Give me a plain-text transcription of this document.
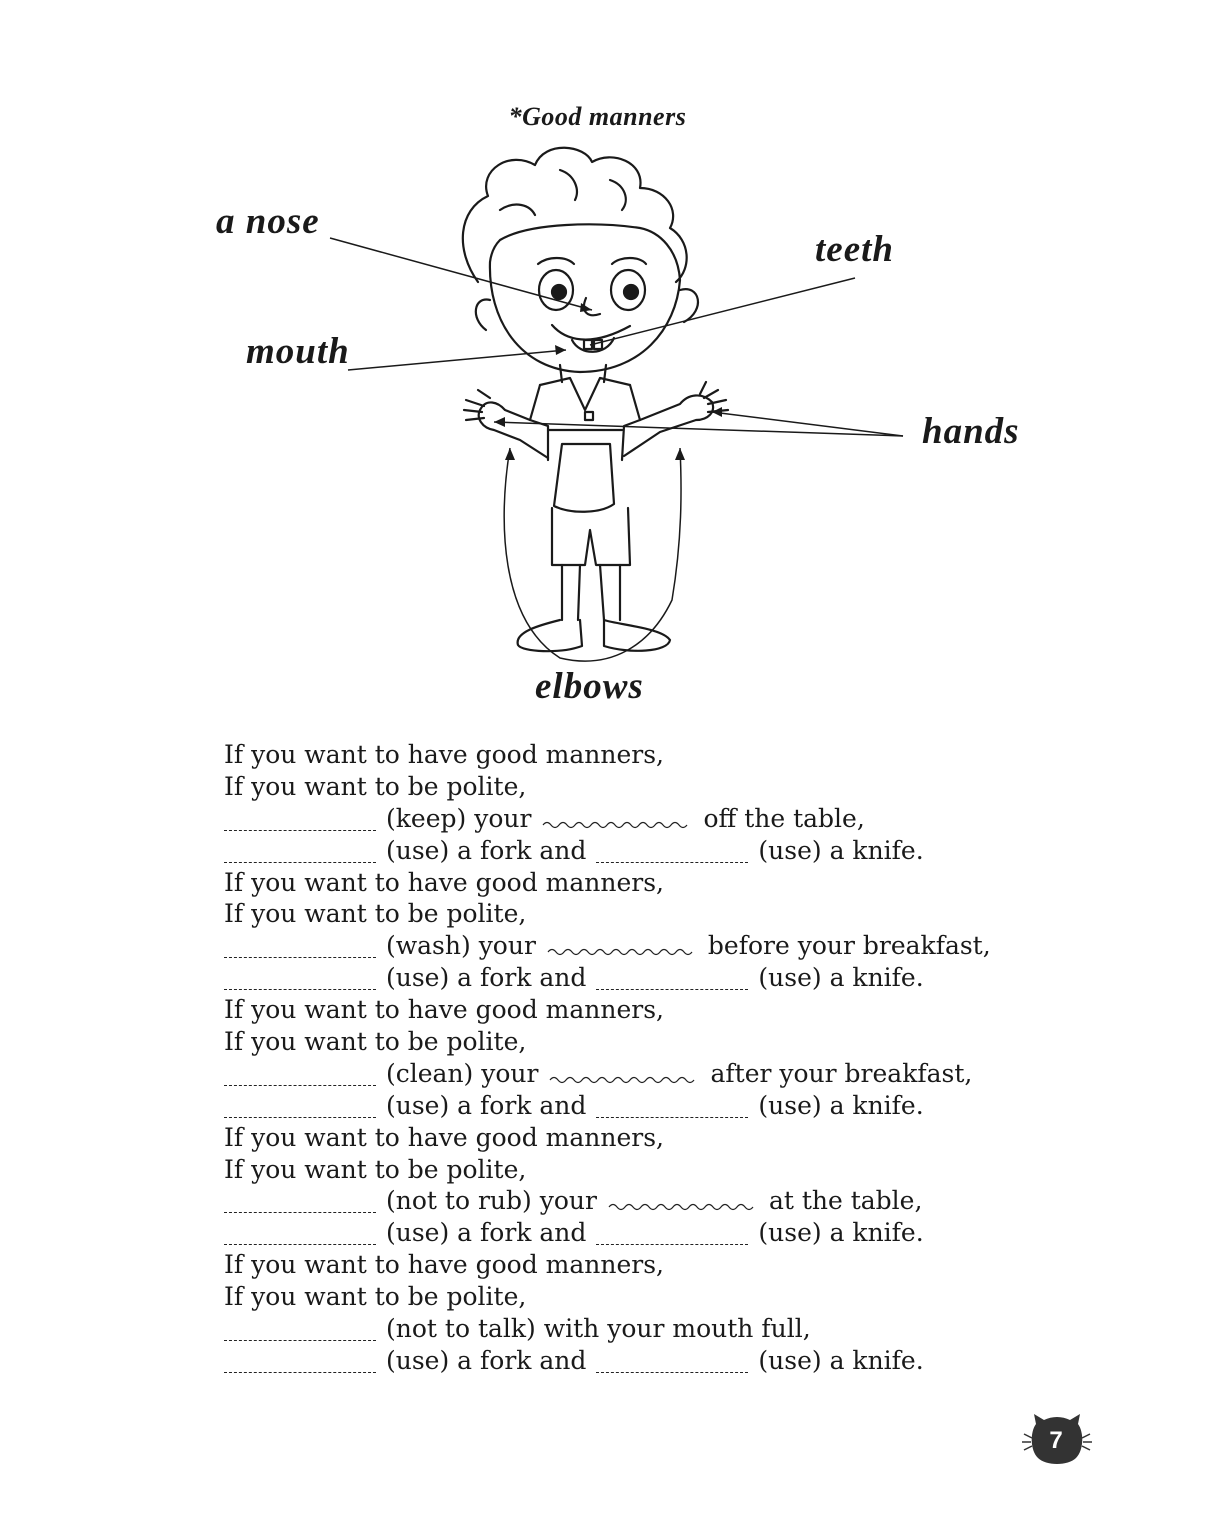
*Good manners
a nose
teeth
mouth
hands
elbows
If you want to have good manners,
If you want to be polite,
(keep) your	off the table,
(use) a fork and	(use) a knife.
If you want to have good manners,
If you want to be polite,
(wash) your	before your breakfast,
(use) a fork and	(use) a knife.
If you want to have good manners,
If you want to be polite,
(clean) your	after your breakfast,
(use) a fork and	(use) a knife.
If you want to have good manners,
If you want to be polite,
(not to rub) your	at the table,
(use) a fork and	(use) a knife.
If you want to have good manners,
If you want to be polite,
(not to talk) with your mouth full,
(use) a fork and	(use) a knife.
7
